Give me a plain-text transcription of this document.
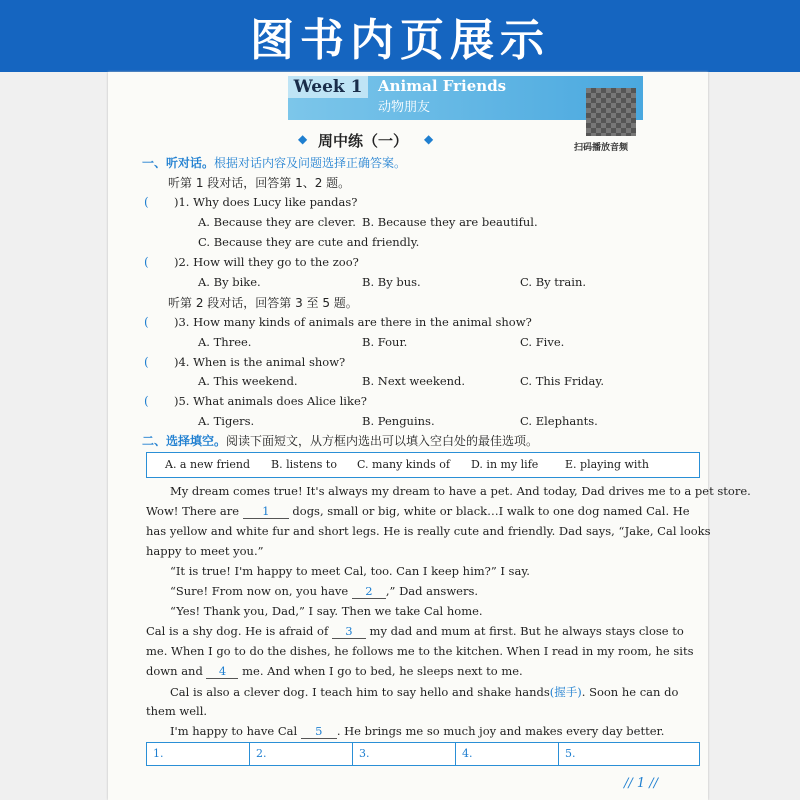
图书内页展示
Week 1	Animal Friends
动物朋友
扫码播放音频
◆ 周中练（一） ◆
一、听对话。根据对话内容及问题选择正确答案。
听第 1 段对话，回答第 1、2 题。
( )1. Why does Lucy like pandas?
A. Because they are clever. B. Because they are beautiful.
C. Because they are cute and friendly.
( )2. How will they go to the zoo?
A. By bike.	B. By bus.	C. By train.
听第 2 段对话，回答第 3 至 5 题。
( )3. How many kinds of animals are there in the animal show?
A. Three.	B. Four.	C. Five.
( )4. When is the animal show?
A. This weekend.	B. Next weekend.	C. This Friday.
( )5. What animals does Alice like?
A. Tigers.	B. Penguins.	C. Elephants.
二、选择填空。阅读下面短文，从方框内选出可以填入空白处的最佳选项。
A. a new friend B. listens to C. many kinds of D. in my life E. playing with
My dream comes true! It's always my dream to have a pet. And today, Dad drives me to a pet store.
Wow! There are 1 dogs, small or big, white or black…I walk to one dog named Cal. He
has yellow and white fur and short legs. He is really cute and friendly. Dad says, “Jake, Cal looks
happy to meet you.”
“It is true! I'm happy to meet Cal, too. Can I keep him?” I say.
“Sure! From now on, you have 2 ,” Dad answers.
“Yes! Thank you, Dad,” I say. Then we take Cal home.
Cal is a shy dog. He is afraid of 3 my dad and mum at first. But he always stays close to
me. When I go to do the dishes, he follows me to the kitchen. When I read in my room, he sits
down and 4 me. And when I go to bed, he sleeps next to me.
Cal is also a clever dog. I teach him to say hello and shake hands(握手). Soon he can do
them well.
I'm happy to have Cal 5 . He brings me so much joy and makes every day better.
1.	2.	3.	4.	5.
// 1 //
